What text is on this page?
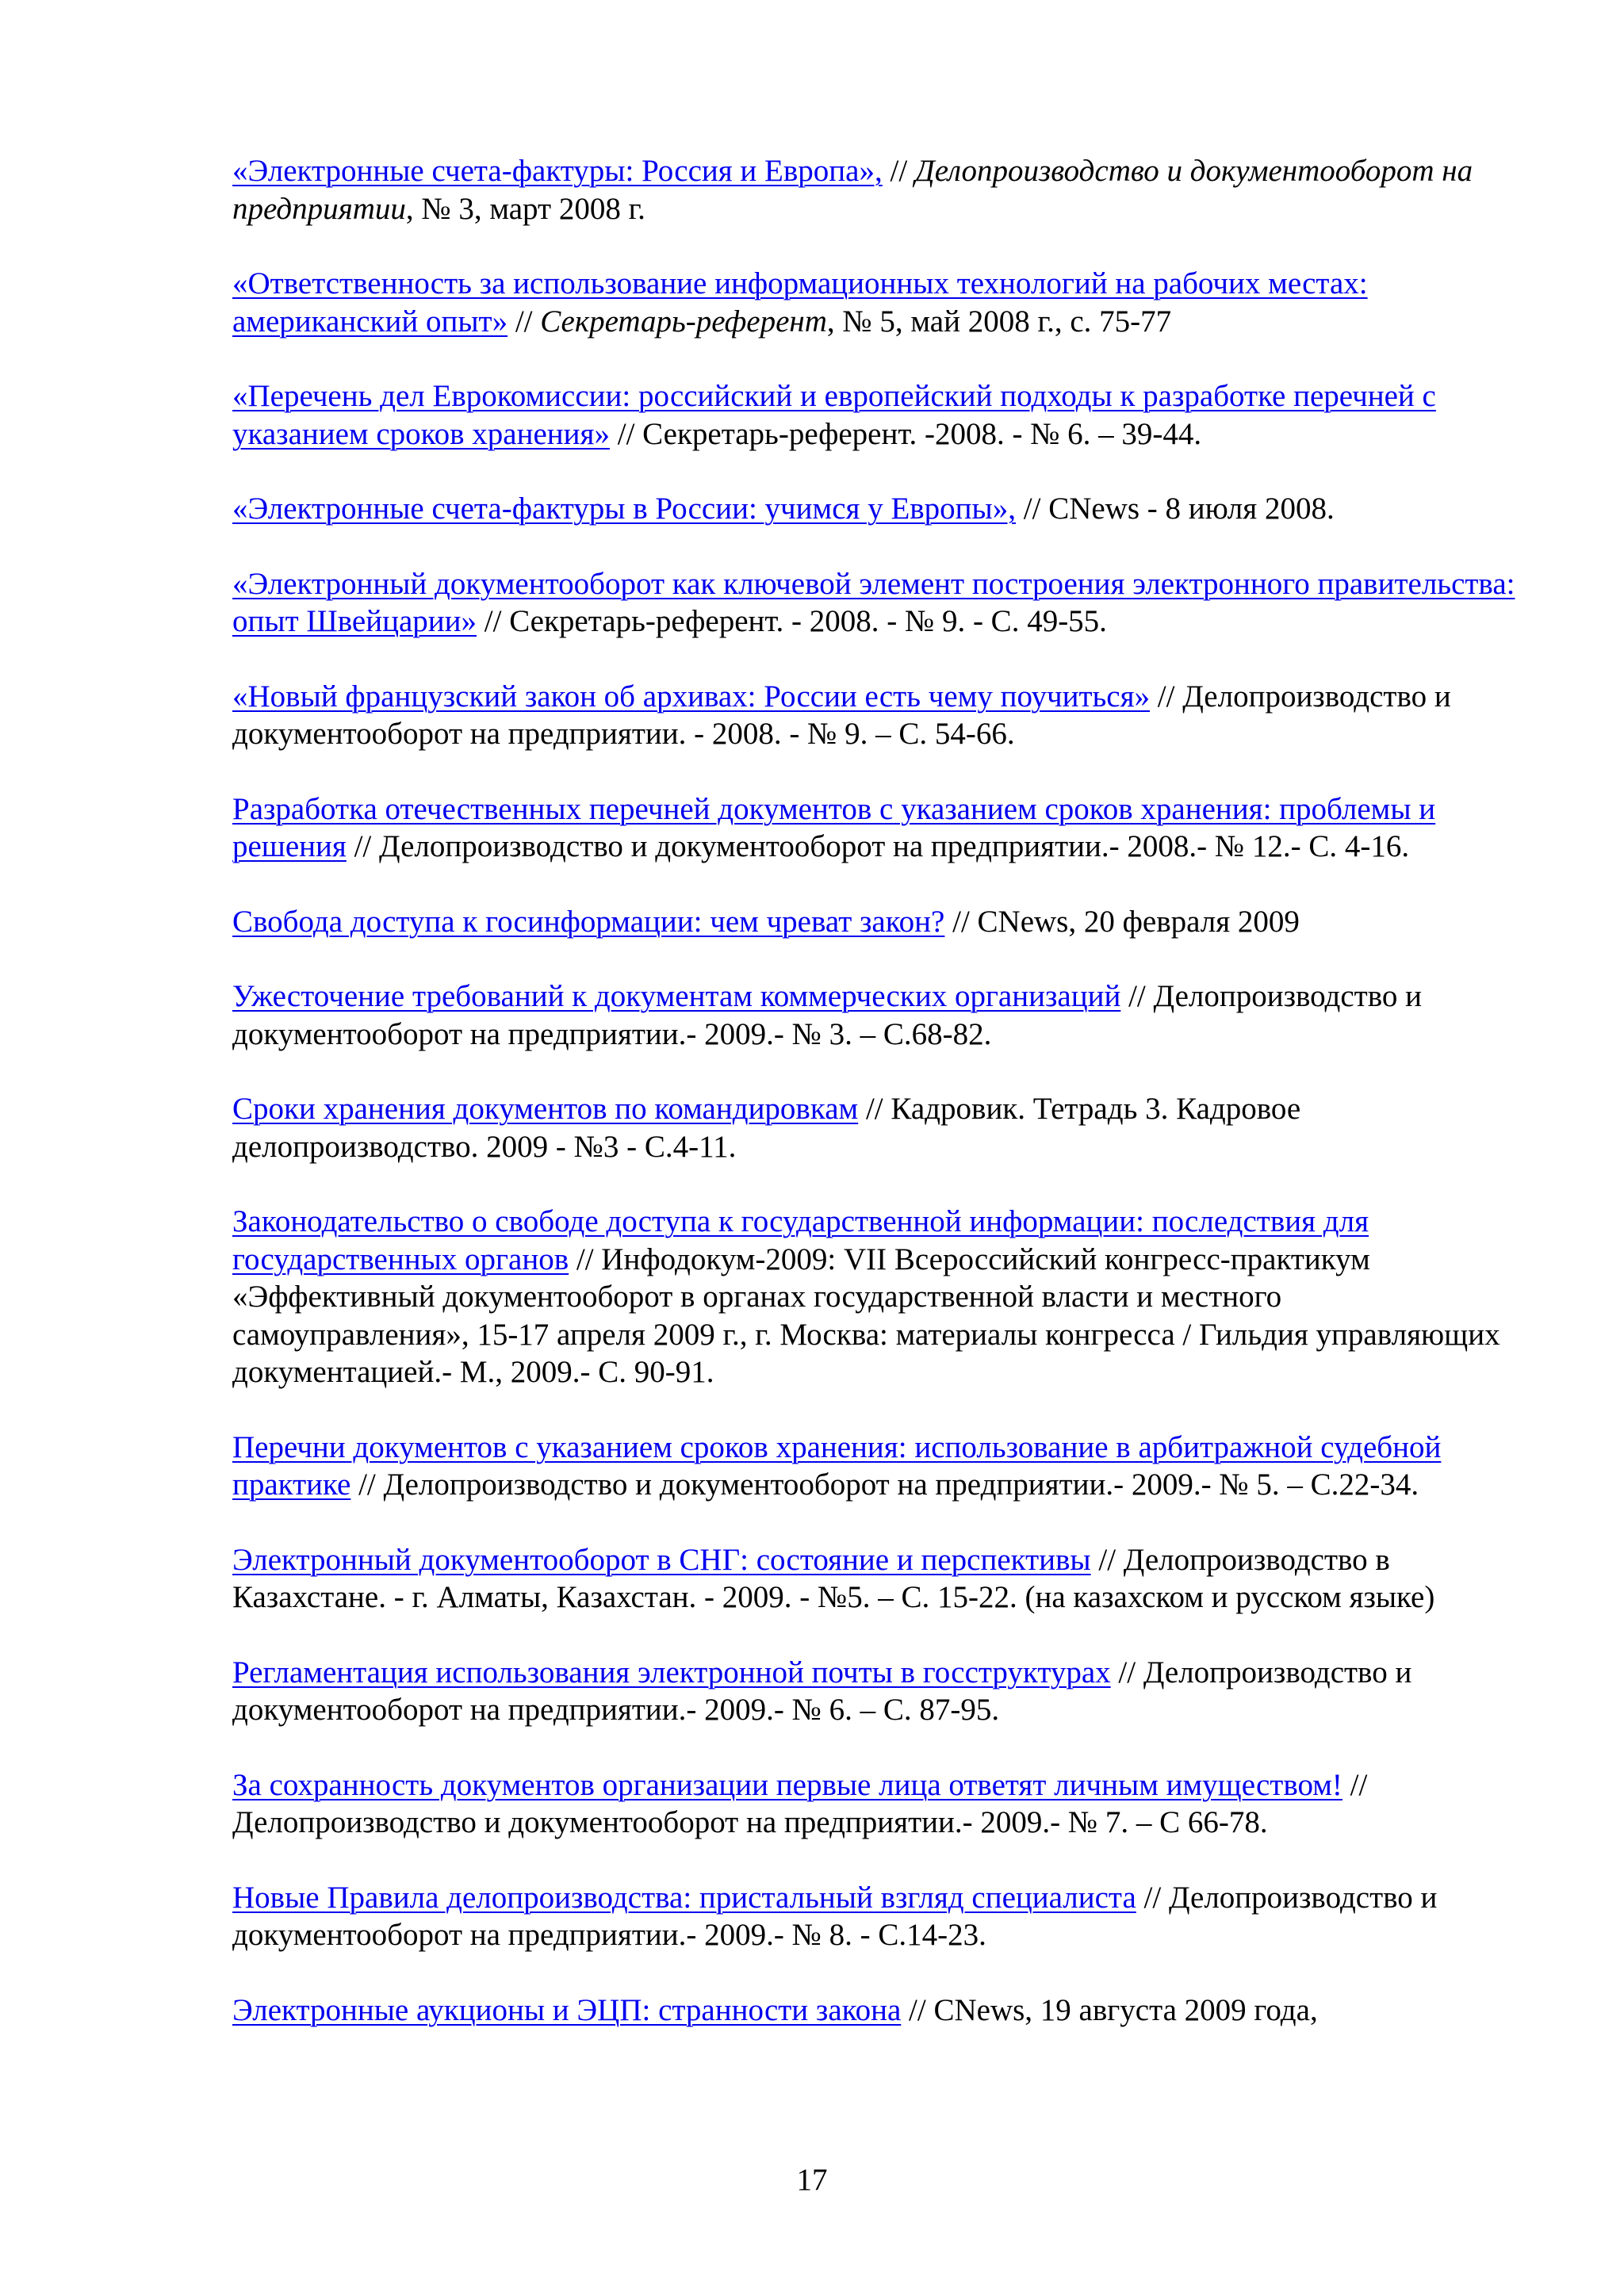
«Электронные счета-фактуры: Россия и Европа», // Делопроизводство и документооборот на предприятии, № 3, март 2008 г.

«Ответственность за использование информационных технологий на рабочих местах: американский опыт» // Секретарь-референт, № 5, май 2008 г., с. 75-77

«Перечень дел Еврокомиссии: российский и европейский подходы к разработке перечней с указанием сроков хранения» // Секретарь-референт. -2008. - № 6. – 39-44.

«Электронные счета-фактуры в России: учимся у Европы», // CNews - 8 июля 2008.

«Электронный документооборот как ключевой элемент построения электронного правительства: опыт Швейцарии» // Секретарь-референт. - 2008. - № 9. - С. 49-55.

«Новый французский закон об архивах: России есть чему поучиться» // Делопроизводство и документооборот на предприятии. - 2008. - № 9. – С. 54-66.

Разработка отечественных перечней документов с указанием сроков хранения: проблемы и решения // Делопроизводство и документооборот на предприятии.- 2008.- № 12.- С. 4-16.

Свобода доступа к госинформации: чем чреват закон? // CNews, 20 февраля 2009

Ужесточение требований к документам коммерческих организаций // Делопроизводство и документооборот на предприятии.- 2009.- № 3. – С.68-82.

Сроки хранения документов по командировкам // Кадровик. Тетрадь 3. Кадровое делопроизводство. 2009 - №3 - С.4-11.

Законодательство о свободе доступа к государственной информации: последствия для государственных органов // Инфодокум-2009: VII Всероссийский конгресс-практикум «Эффективный документооборот в органах государственной власти и местного самоуправления», 15-17 апреля 2009 г., г. Москва: материалы конгресса / Гильдия управляющих документацией.- М., 2009.- С. 90-91.

Перечни документов с указанием сроков хранения: использование в арбитражной судебной практике // Делопроизводство и документооборот на предприятии.- 2009.- № 5. – С.22-34.

Электронный документооборот в СНГ: состояние и перспективы // Делопроизводство в Казахстане. - г. Алматы, Казахстан. - 2009. - №5. – С. 15-22. (на казахском и русском языке)

Регламентация использования электронной почты в госструктурах // Делопроизводство и документооборот на предприятии.- 2009.- № 6. – С. 87-95.

За сохранность документов организации первые лица ответят личным имуществом! // Делопроизводство и документооборот на предприятии.- 2009.- № 7. – С 66-78.

Новые Правила делопроизводства: пристальный взгляд специалиста // Делопроизводство и документооборот на предприятии.- 2009.- № 8. - С.14-23.

Электронные аукционы и ЭЦП: странности закона // CNews, 19 августа 2009 года,

17
